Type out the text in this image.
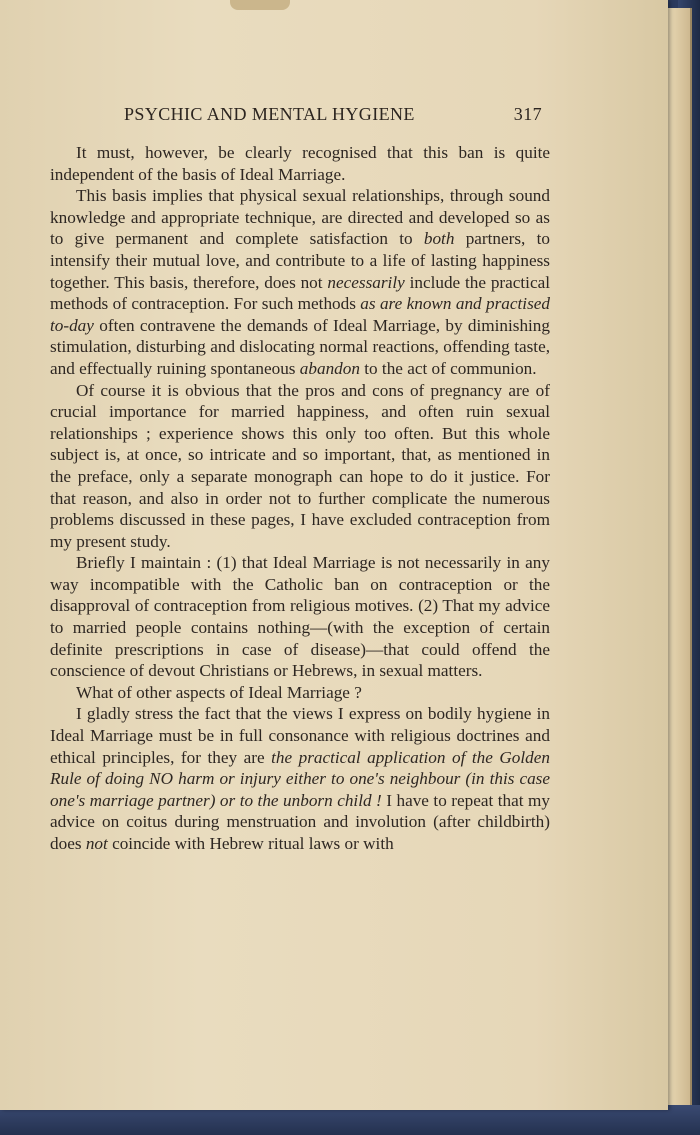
PSYCHIC AND MENTAL HYGIENE	317

It must, however, be clearly recognised that this ban is quite independent of the basis of Ideal Marriage.

This basis implies that physical sexual relationships, through sound knowledge and appropriate technique, are directed and developed so as to give permanent and complete satisfaction to both partners, to intensify their mutual love, and contribute to a life of lasting happiness together. This basis, therefore, does not necessarily include the practical methods of contraception. For such methods as are known and practised to-day often contravene the demands of Ideal Marriage, by diminishing stimulation, disturbing and dislocating normal reactions, offending taste, and effectually ruining spontaneous abandon to the act of communion.

Of course it is obvious that the pros and cons of pregnancy are of crucial importance for married happiness, and often ruin sexual relationships ; experience shows this only too often. But this whole subject is, at once, so intricate and so important, that, as mentioned in the preface, only a separate monograph can hope to do it justice. For that reason, and also in order not to further complicate the numerous problems discussed in these pages, I have excluded contraception from my present study.

Briefly I maintain : (1) that Ideal Marriage is not necessarily in any way incompatible with the Catholic ban on contraception or the disapproval of contraception from religious motives. (2) That my advice to married people contains nothing—(with the exception of certain definite prescriptions in case of disease)—that could offend the conscience of devout Christians or Hebrews, in sexual matters.

What of other aspects of Ideal Marriage ?

I gladly stress the fact that the views I express on bodily hygiene in Ideal Marriage must be in full consonance with religious doctrines and ethical principles, for they are the practical application of the Golden Rule of doing NO harm or injury either to one's neighbour (in this case one's marriage partner) or to the unborn child ! I have to repeat that my advice on coitus during menstruation and involution (after childbirth) does not coincide with Hebrew ritual laws or with
